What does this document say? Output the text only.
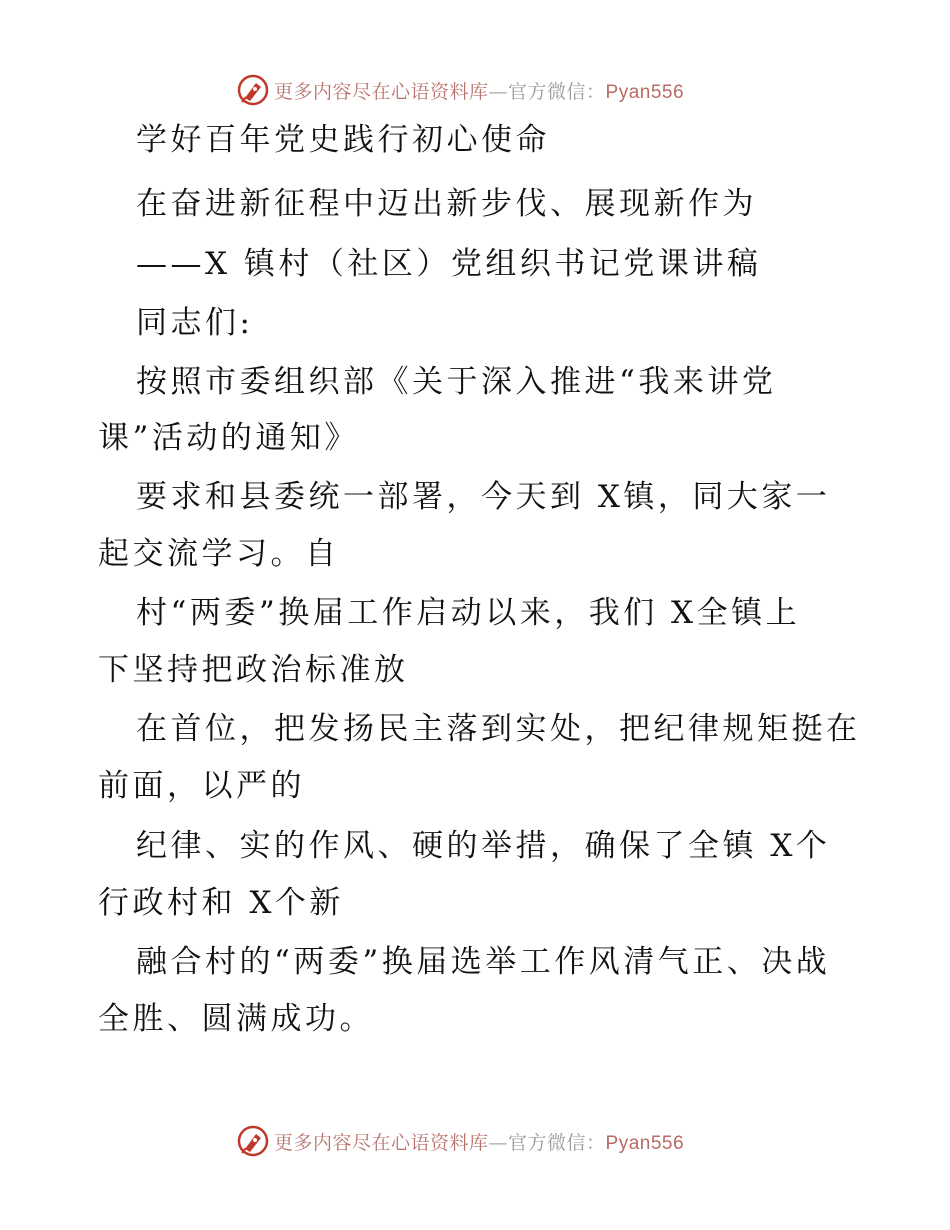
更多内容尽在心语资料库—官方微信：Pyan556
学好百年党史践行初心使命
在奋进新征程中迈出新步伐、展现新作为
——X 镇村（社区）党组织书记党课讲稿
同志们:
按照市委组织部《关于深入推进“我来讲党
课”活动的通知》
要求和县委统一部署，今天到 X镇，同大家一
起交流学习。自
村“两委”换届工作启动以来，我们 X全镇上
下坚持把政治标准放
在首位，把发扬民主落到实处，把纪律规矩挺在
前面，以严的
纪律、实的作风、硬的举措，确保了全镇 X个
行政村和 X个新
融合村的“两委”换届选举工作风清气正、决战
全胜、圆满成功。
更多内容尽在心语资料库—官方微信：Pyan556
